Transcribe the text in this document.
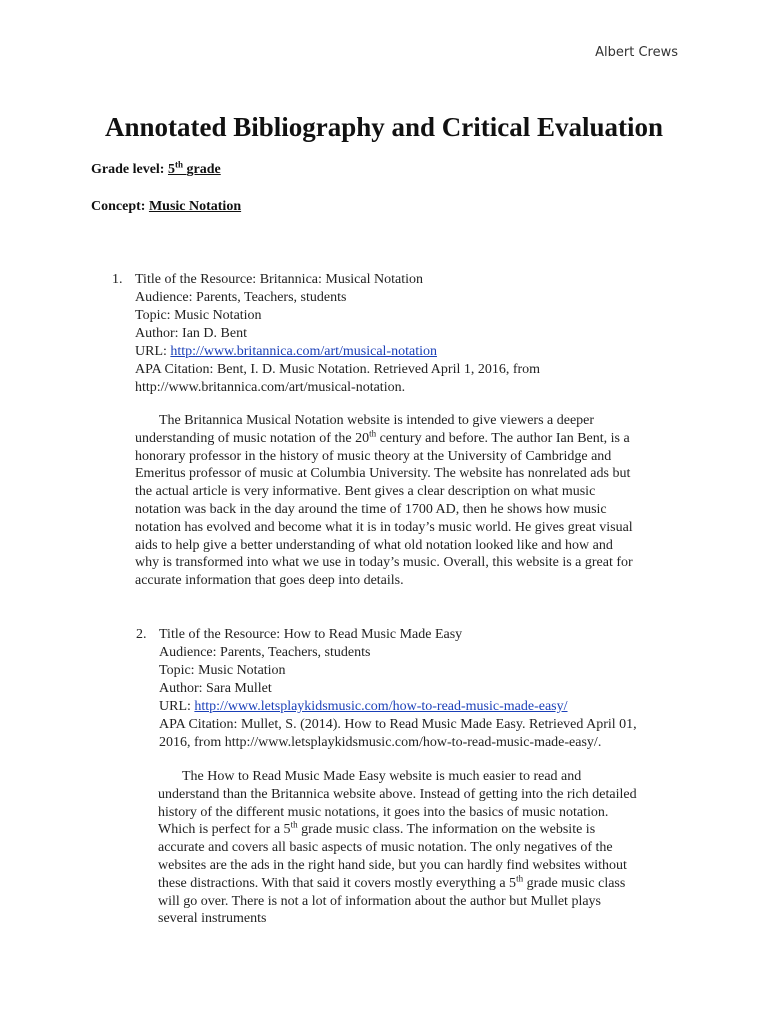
Albert Crews
Annotated Bibliography and Critical Evaluation
Grade level: 5th grade
Concept: Music Notation
1. Title of the Resource: Britannica: Musical Notation
Audience: Parents, Teachers, students
Topic: Music Notation
Author: Ian D. Bent
URL: http://www.britannica.com/art/musical-notation
APA Citation: Bent, I. D. Music Notation. Retrieved April 1, 2016, from
http://www.britannica.com/art/musical-notation.
The Britannica Musical Notation website is intended to give viewers a deeper
understanding of music notation of the 20th century and before. The author Ian Bent, is a
honorary professor in the history of music theory at the University of Cambridge and
Emeritus professor of music at Columbia University. The website has nonrelated ads but
the actual article is very informative. Bent gives a clear description on what music
notation was back in the day around the time of 1700 AD, then he shows how music
notation has evolved and become what it is in today’s music world. He gives great visual
aids to help give a better understanding of what old notation looked like and how and
why is transformed into what we use in today’s music. Overall, this website is a great for
accurate information that goes deep into details.
2. Title of the Resource: How to Read Music Made Easy
Audience: Parents, Teachers, students
Topic: Music Notation
Author: Sara Mullet
URL: http://www.letsplaykidsmusic.com/how-to-read-music-made-easy/
APA Citation: Mullet, S. (2014). How to Read Music Made Easy. Retrieved April 01,
2016, from http://www.letsplaykidsmusic.com/how-to-read-music-made-easy/.
The How to Read Music Made Easy website is much easier to read and
understand than the Britannica website above. Instead of getting into the rich detailed
history of the different music notations, it goes into the basics of music notation.
Which is perfect for a 5th grade music class. The information on the website is
accurate and covers all basic aspects of music notation. The only negatives of the
websites are the ads in the right hand side, but you can hardly find websites without
these distractions. With that said it covers mostly everything a 5th grade music class
will go over. There is not a lot of information about the author but Mullet plays
several instruments
